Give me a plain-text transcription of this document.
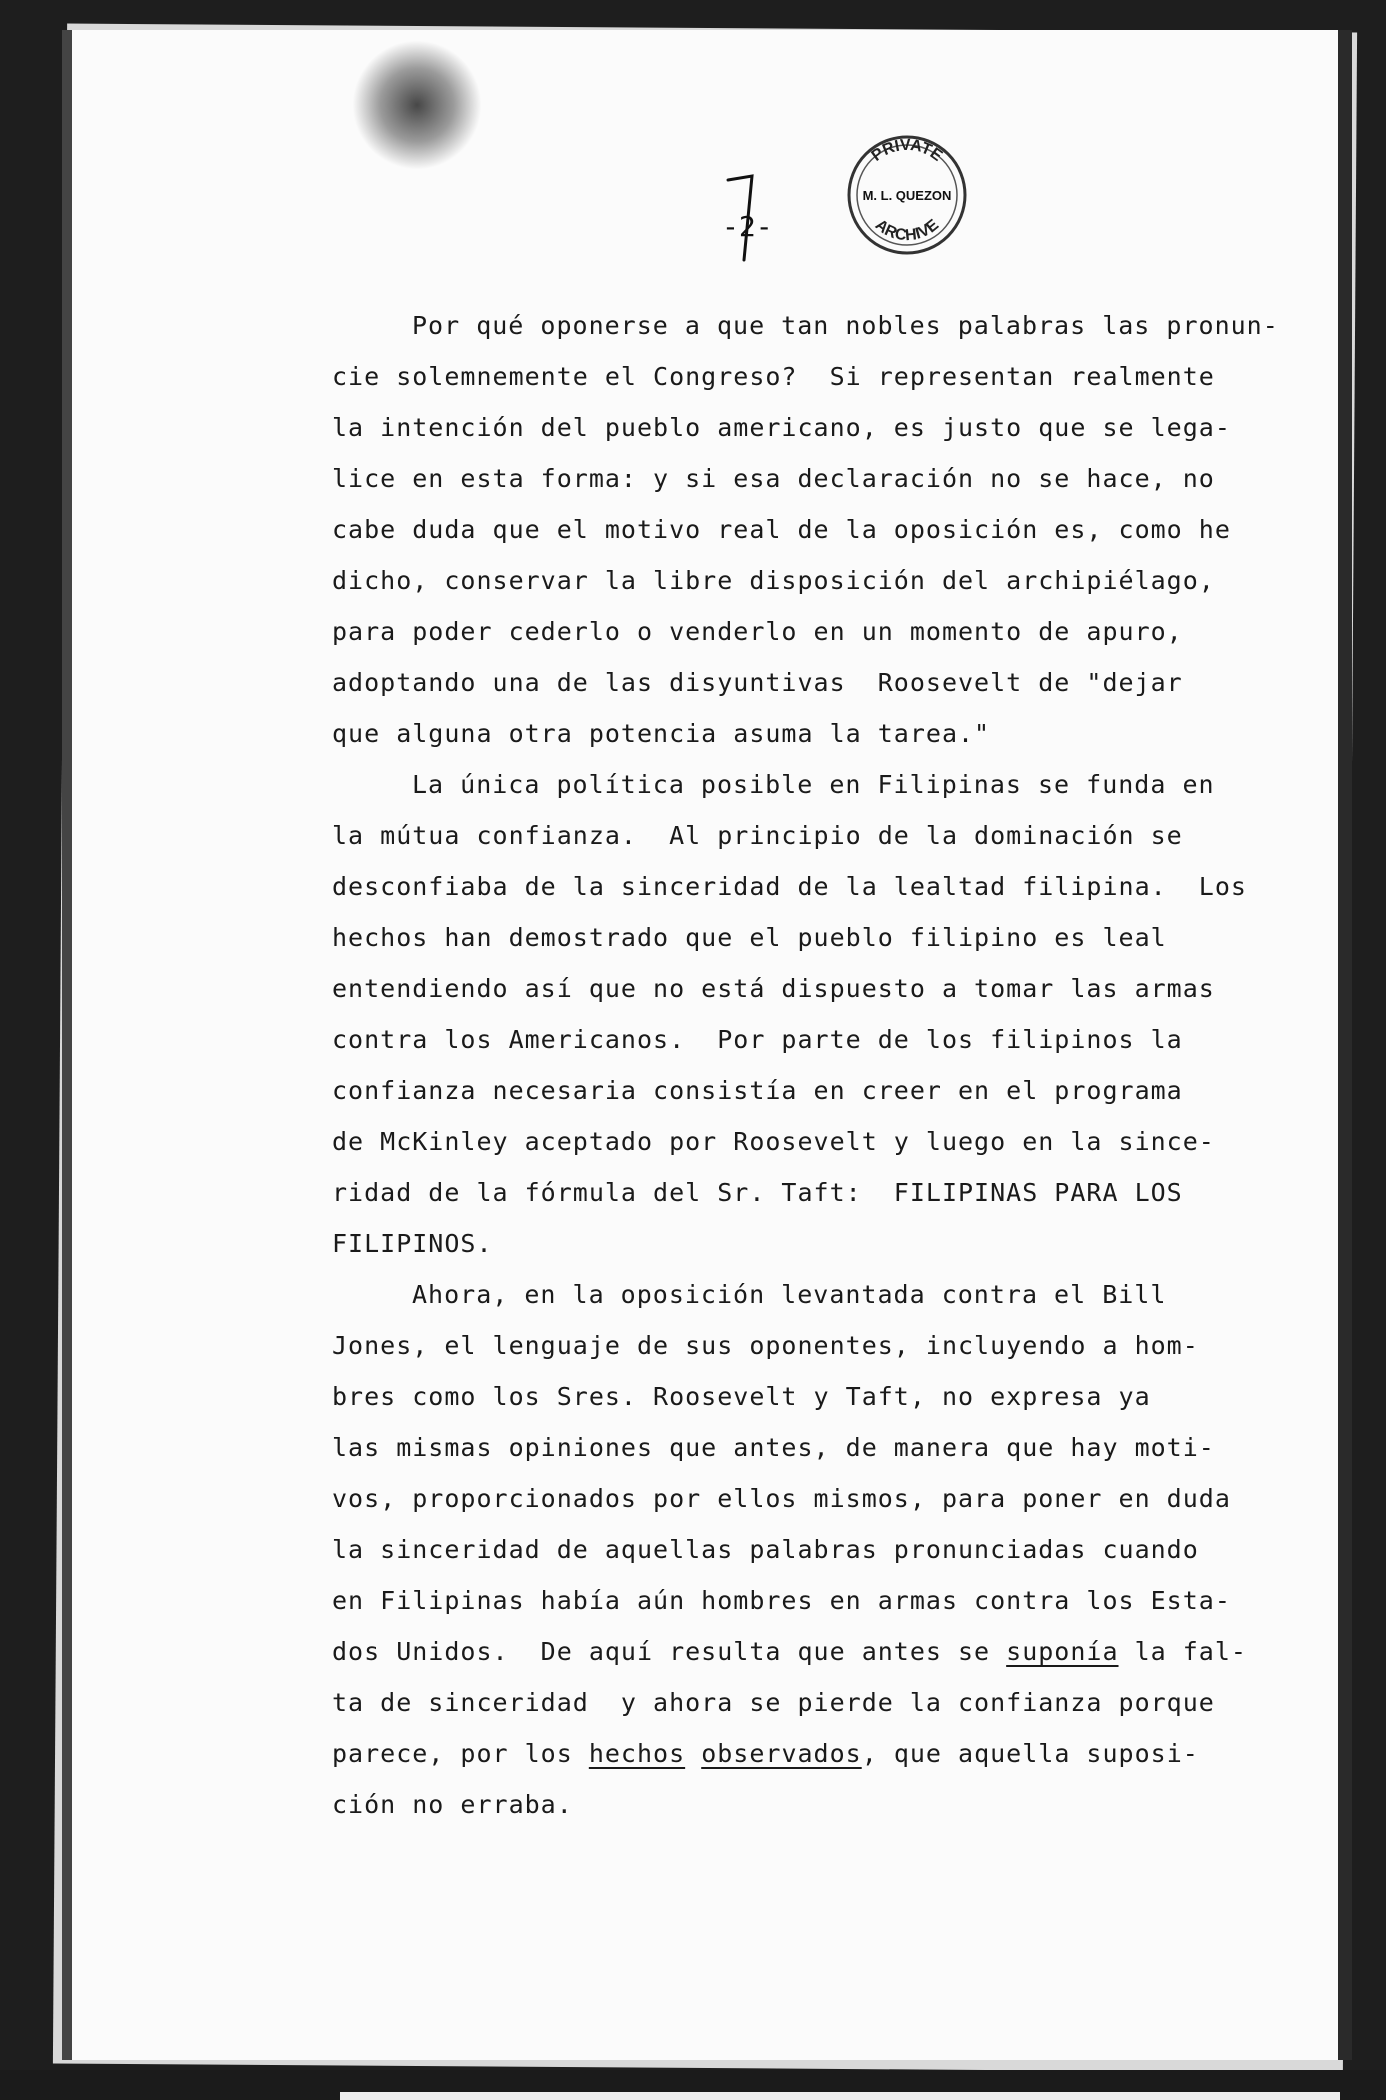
-2-
PRIVATE
M. L. QUEZON
ARCHIVE
Por qué oponerse a que tan nobles palabras las pronun-
cie solemnemente el Congreso?  Si representan realmente
la intención del pueblo americano, es justo que se lega-
lice en esta forma: y si esa declaración no se hace, no
cabe duda que el motivo real de la oposición es, como he
dicho, conservar la libre disposición del archipiélago,
para poder cederlo o venderlo en un momento de apuro,
adoptando una de las disyuntivas  Roosevelt de "dejar
que alguna otra potencia asuma la tarea."
La única política posible en Filipinas se funda en
la mútua confianza.  Al principio de la dominación se
desconfiaba de la sinceridad de la lealtad filipina.  Los
hechos han demostrado que el pueblo filipino es leal
entendiendo así que no está dispuesto a tomar las armas
contra los Americanos.  Por parte de los filipinos la
confianza necesaria consistía en creer en el programa
de McKinley aceptado por Roosevelt y luego en la since-
ridad de la fórmula del Sr. Taft:  FILIPINAS PARA LOS
FILIPINOS.
Ahora, en la oposición levantada contra el Bill
Jones, el lenguaje de sus oponentes, incluyendo a hom-
bres como los Sres. Roosevelt y Taft, no expresa ya
las mismas opiniones que antes, de manera que hay moti-
vos, proporcionados por ellos mismos, para poner en duda
la sinceridad de aquellas palabras pronunciadas cuando
en Filipinas había aún hombres en armas contra los Esta-
dos Unidos.  De aquí resulta que antes se suponía la fal-
ta de sinceridad  y ahora se pierde la confianza porque
parece, por los hechos observados, que aquella suposi-
ción no erraba.
